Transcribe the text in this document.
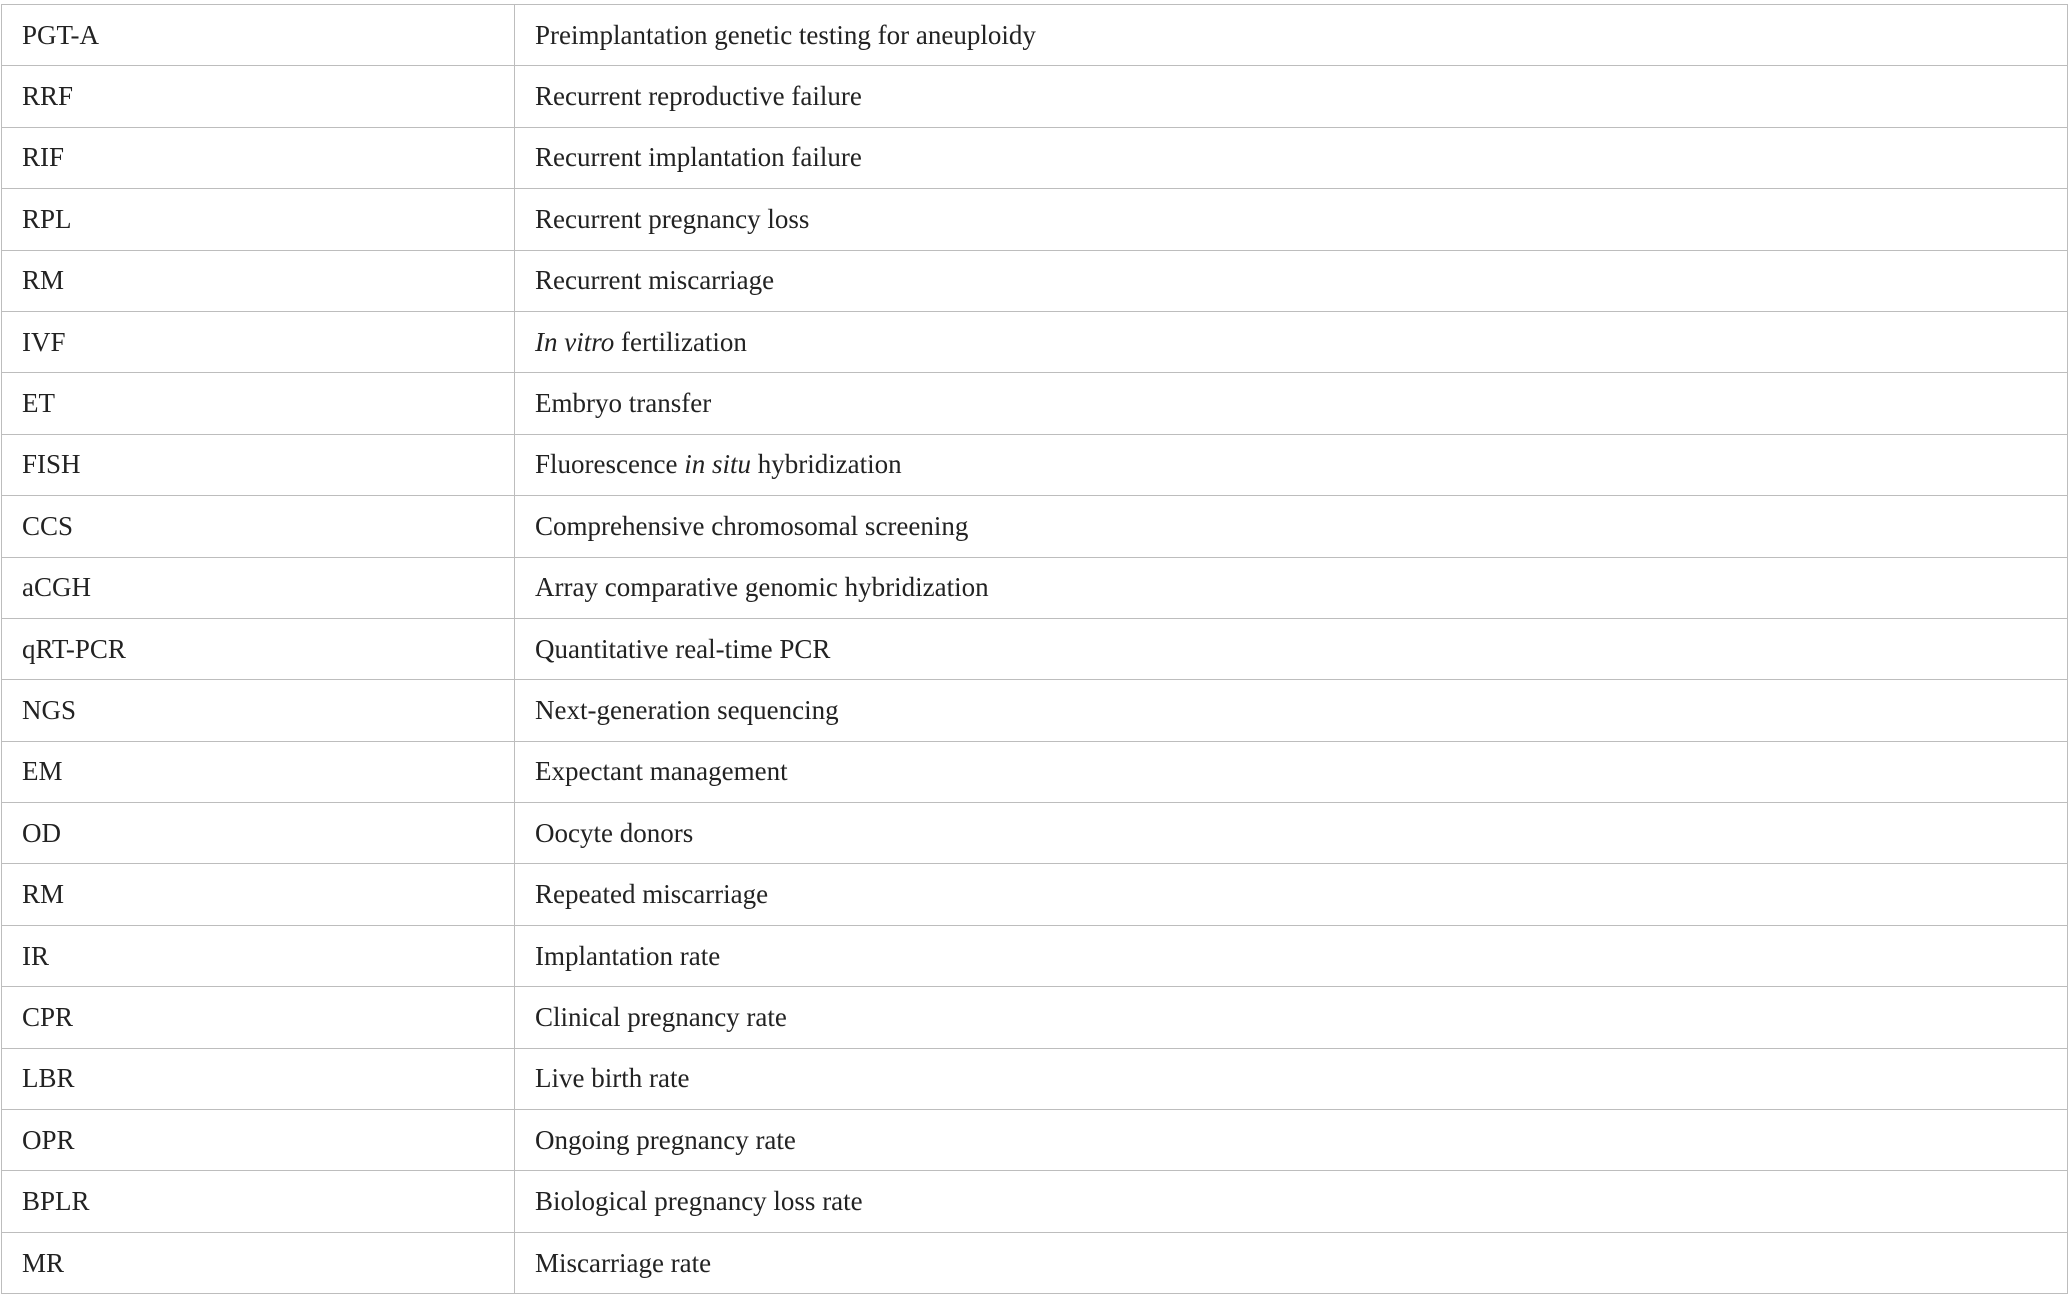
PGT-A	Preimplantation genetic testing for aneuploidy
RRF	Recurrent reproductive failure
RIF	Recurrent implantation failure
RPL	Recurrent pregnancy loss
RM	Recurrent miscarriage
IVF	In vitro fertilization
ET	Embryo transfer
FISH	Fluorescence in situ hybridization
CCS	Comprehensive chromosomal screening
aCGH	Array comparative genomic hybridization
qRT-PCR	Quantitative real-time PCR
NGS	Next-generation sequencing
EM	Expectant management
OD	Oocyte donors
RM	Repeated miscarriage
IR	Implantation rate
CPR	Clinical pregnancy rate
LBR	Live birth rate
OPR	Ongoing pregnancy rate
BPLR	Biological pregnancy loss rate
MR	Miscarriage rate
